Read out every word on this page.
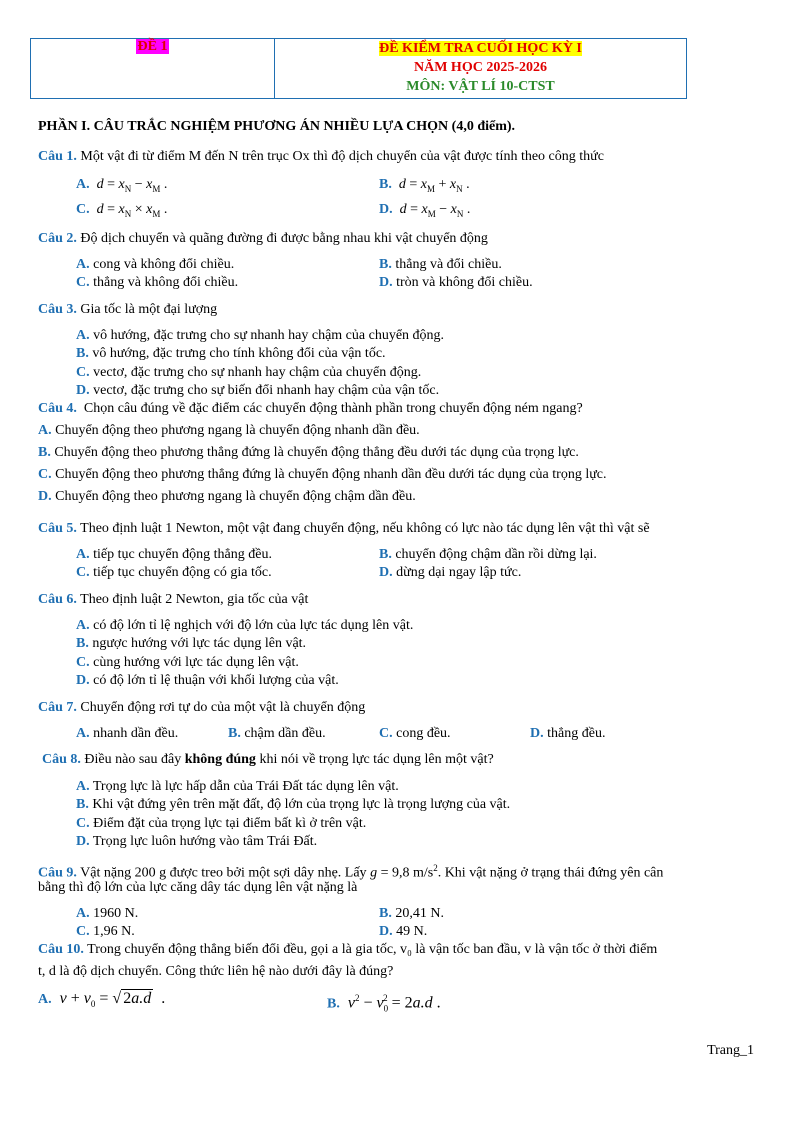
ĐỀ 1	ĐỀ KIỂM TRA CUỐI HỌC KỲ I
NĂM HỌC 2025-2026
MÔN: VẬT LÍ 10-CTST
PHẦN I. CÂU TRẮC NGHIỆM PHƯƠNG ÁN NHIỀU LỰA CHỌN (4,0 điểm).
Câu 1. Một vật đi từ điểm M đến N trên trục Ox thì độ dịch chuyển của vật được tính theo công thức
A. $d = x_N - x_M$ .	B. $d = x_M + x_N$ .
C. $d = x_N \times x_M$ .	D. $d = x_M - x_N$ .
Câu 2. Độ dịch chuyển và quãng đường đi được bằng nhau khi vật chuyển động
A. cong và không đổi chiều.	B. thẳng và đổi chiều.
C. thẳng và không đổi chiều.	D. tròn và không đổi chiều.
Câu 3. Gia tốc là một đại lượng
A. vô hướng, đặc trưng cho sự nhanh hay chậm của chuyển động.
B. vô hướng, đặc trưng cho tính không đổi của vận tốc.
C. vectơ, đặc trưng cho sự nhanh hay chậm của chuyển động.
D. vectơ, đặc trưng cho sự biến đổi nhanh hay chậm của vận tốc.
Câu 4. Chọn câu đúng về đặc điểm các chuyển động thành phần trong chuyển động ném ngang?
A. Chuyển động theo phương ngang là chuyển động nhanh dần đều.
B. Chuyển động theo phương thẳng đứng là chuyển động thẳng đều dưới tác dụng của trọng lực.
C. Chuyển động theo phương thẳng đứng là chuyển động nhanh dần đều dưới tác dụng của trọng lực.
D. Chuyển động theo phương ngang là chuyển động chậm dần đều.
Câu 5. Theo định luật 1 Newton, một vật đang chuyển động, nếu không có lực nào tác dụng lên vật thì vật sẽ
A. tiếp tục chuyển động thẳng đều.	B. chuyển động chậm dần rồi dừng lại.
C. tiếp tục chuyển động có gia tốc.	D. dừng dại ngay lập tức.
Câu 6. Theo định luật 2 Newton, gia tốc của vật
A. có độ lớn tỉ lệ nghịch với độ lớn của lực tác dụng lên vật.
B. ngược hướng với lực tác dụng lên vật.
C. cùng hướng với lực tác dụng lên vật.
D. có độ lớn tỉ lệ thuận với khối lượng của vật.
Câu 7. Chuyển động rơi tự do của một vật là chuyển động
A. nhanh dần đều.	B. chậm dần đều.	C. cong đều.	D. thẳng đều.
Câu 8. Điều nào sau đây không đúng khi nói về trọng lực tác dụng lên một vật?
A. Trọng lực là lực hấp dẫn của Trái Đất tác dụng lên vật.
B. Khi vật đứng yên trên mặt đất, độ lớn của trọng lực là trọng lượng của vật.
C. Điểm đặt của trọng lực tại điểm bất kì ở trên vật.
D. Trọng lực luôn hướng vào tâm Trái Đất.
Câu 9. Vật nặng 200 g được treo bởi một sợi dây nhẹ. Lấy g = 9,8 $m/s^2$. Khi vật nặng ở trạng thái đứng yên cân
bằng thì độ lớn của lực căng dây tác dụng lên vật nặng là
A. 1960 N.	B. 20,41 N.
C. 1,96 N.	D. 49 N.
Câu 10. Trong chuyển động thẳng biến đổi đều, gọi a là gia tốc, v₀ là vận tốc ban đầu, v là vận tốc ở thời điểm
t, d là độ dịch chuyển. Công thức liên hệ nào dưới đây là đúng?
A. $v + v_0$ = √ 2a.d  .	B. $v^2 - v_0^2 = 2a.d$ .
Trang_1
